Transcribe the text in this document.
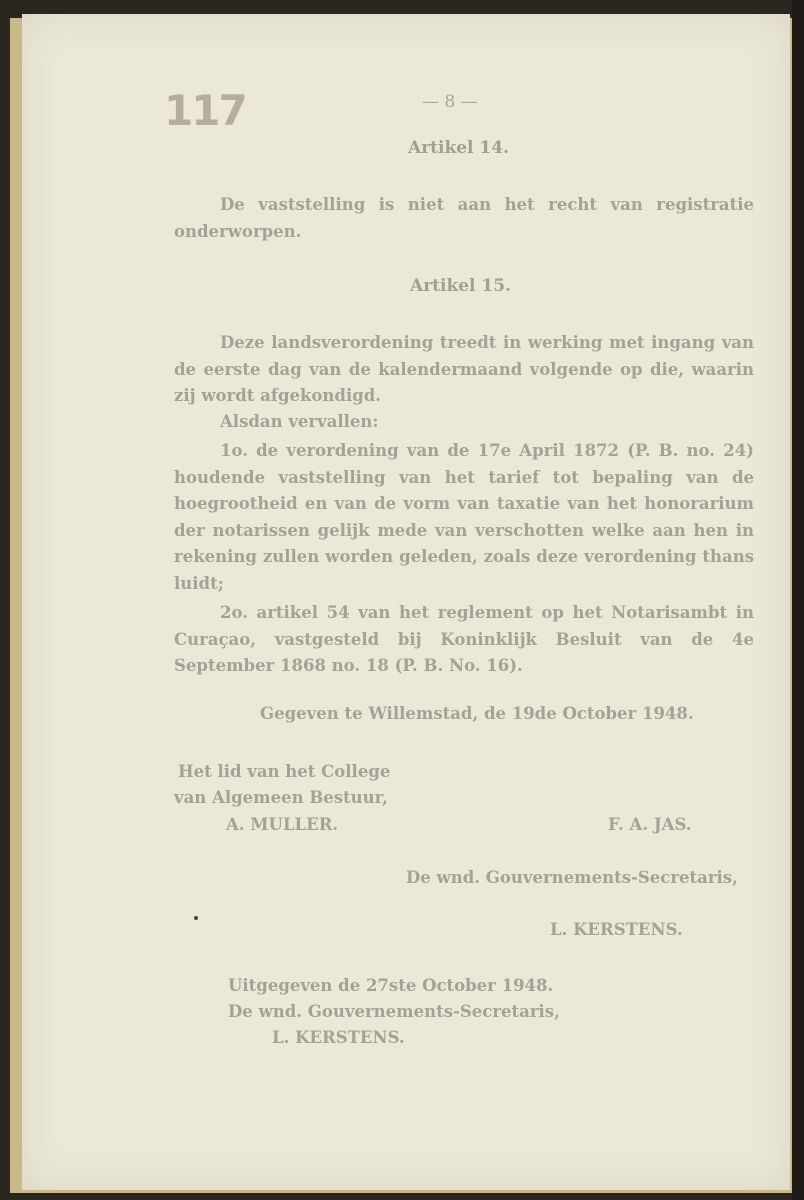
117	— 8 —
Artikel 14.
De vaststelling is niet aan het recht van registratie onderworpen.
Artikel 15.
Deze landsverordening treedt in werking met ingang van de eerste dag van de kalendermaand volgende op die, waarin zij wordt afgekondigd.
Alsdan vervallen:
1o. de verordening van de 17e April 1872 (P. B. no. 24) houdende vaststelling van het tarief tot bepaling van de hoegrootheid en van de vorm van taxatie van het honorarium der notarissen gelijk mede van verschotten welke aan hen in rekening zullen worden geleden, zoals deze verordening thans luidt;
2o. artikel 54 van het reglement op het Notarisambt in Curaçao, vastgesteld bij Koninklijk Besluit van de 4e September 1868 no. 18 (P. B. No. 16).
Gegeven te Willemstad, de 19de October 1948.
Het lid van het College
van Algemeen Bestuur,
A. MULLER.	F. A. JAS.
De wnd. Gouvernements-Secretaris,
L. KERSTENS.
Uitgegeven de 27ste October 1948.
De wnd. Gouvernements-Secretaris,
L. KERSTENS.
